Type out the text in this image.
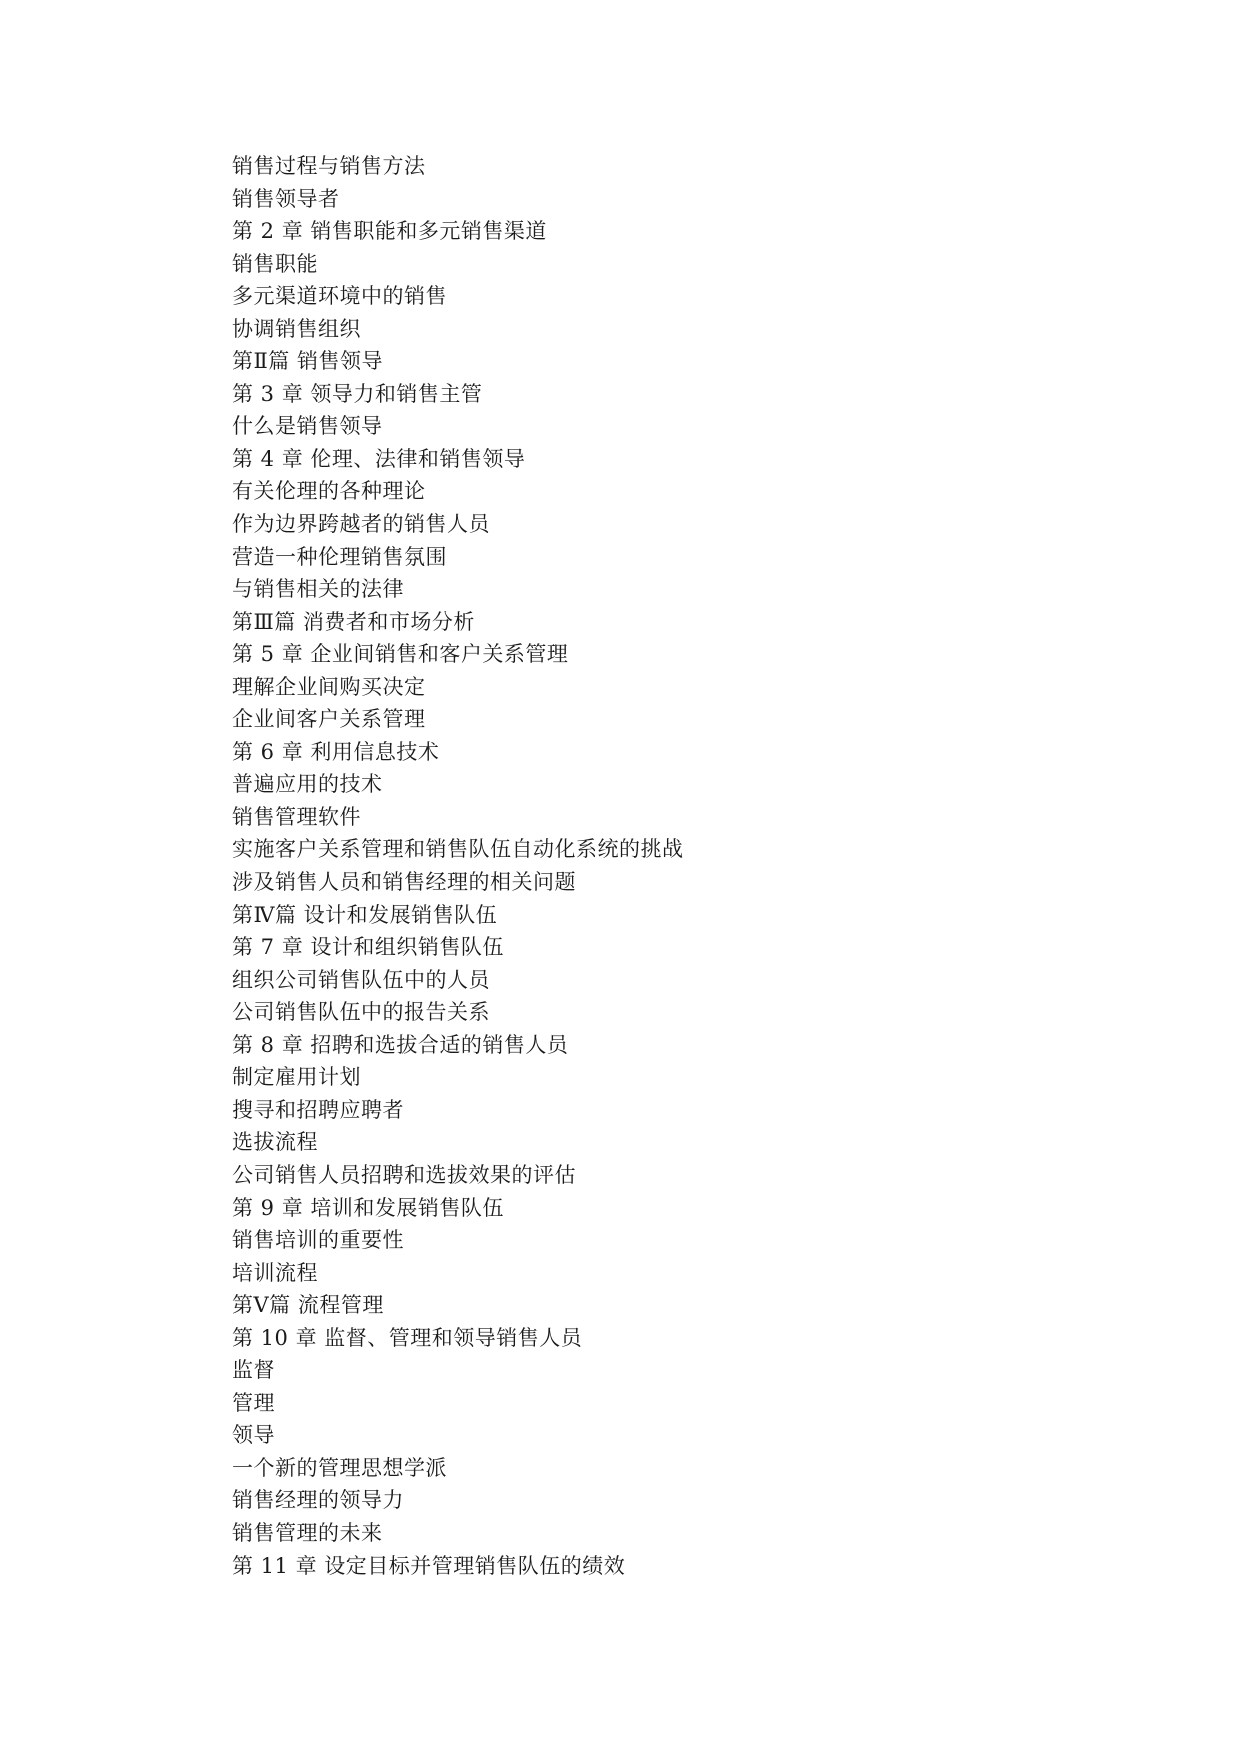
销售过程与销售方法
销售领导者
第 2 章 销售职能和多元销售渠道
销售职能
多元渠道环境中的销售
协调销售组织
第Ⅱ篇 销售领导
第 3 章 领导力和销售主管
什么是销售领导
第 4 章 伦理、法律和销售领导
有关伦理的各种理论
作为边界跨越者的销售人员
营造一种伦理销售氛围
与销售相关的法律
第Ⅲ篇 消费者和市场分析
第 5 章 企业间销售和客户关系管理
理解企业间购买决定
企业间客户关系管理
第 6 章 利用信息技术
普遍应用的技术
销售管理软件
实施客户关系管理和销售队伍自动化系统的挑战
涉及销售人员和销售经理的相关问题
第Ⅳ篇 设计和发展销售队伍
第 7 章 设计和组织销售队伍
组织公司销售队伍中的人员
公司销售队伍中的报告关系
第 8 章 招聘和选拔合适的销售人员
制定雇用计划
搜寻和招聘应聘者
选拔流程
公司销售人员招聘和选拔效果的评估
第 9 章 培训和发展销售队伍
销售培训的重要性
培训流程
第Ⅴ篇 流程管理
第 10 章 监督、管理和领导销售人员
监督
管理
领导
一个新的管理思想学派
销售经理的领导力
销售管理的未来
第 11 章 设定目标并管理销售队伍的绩效
